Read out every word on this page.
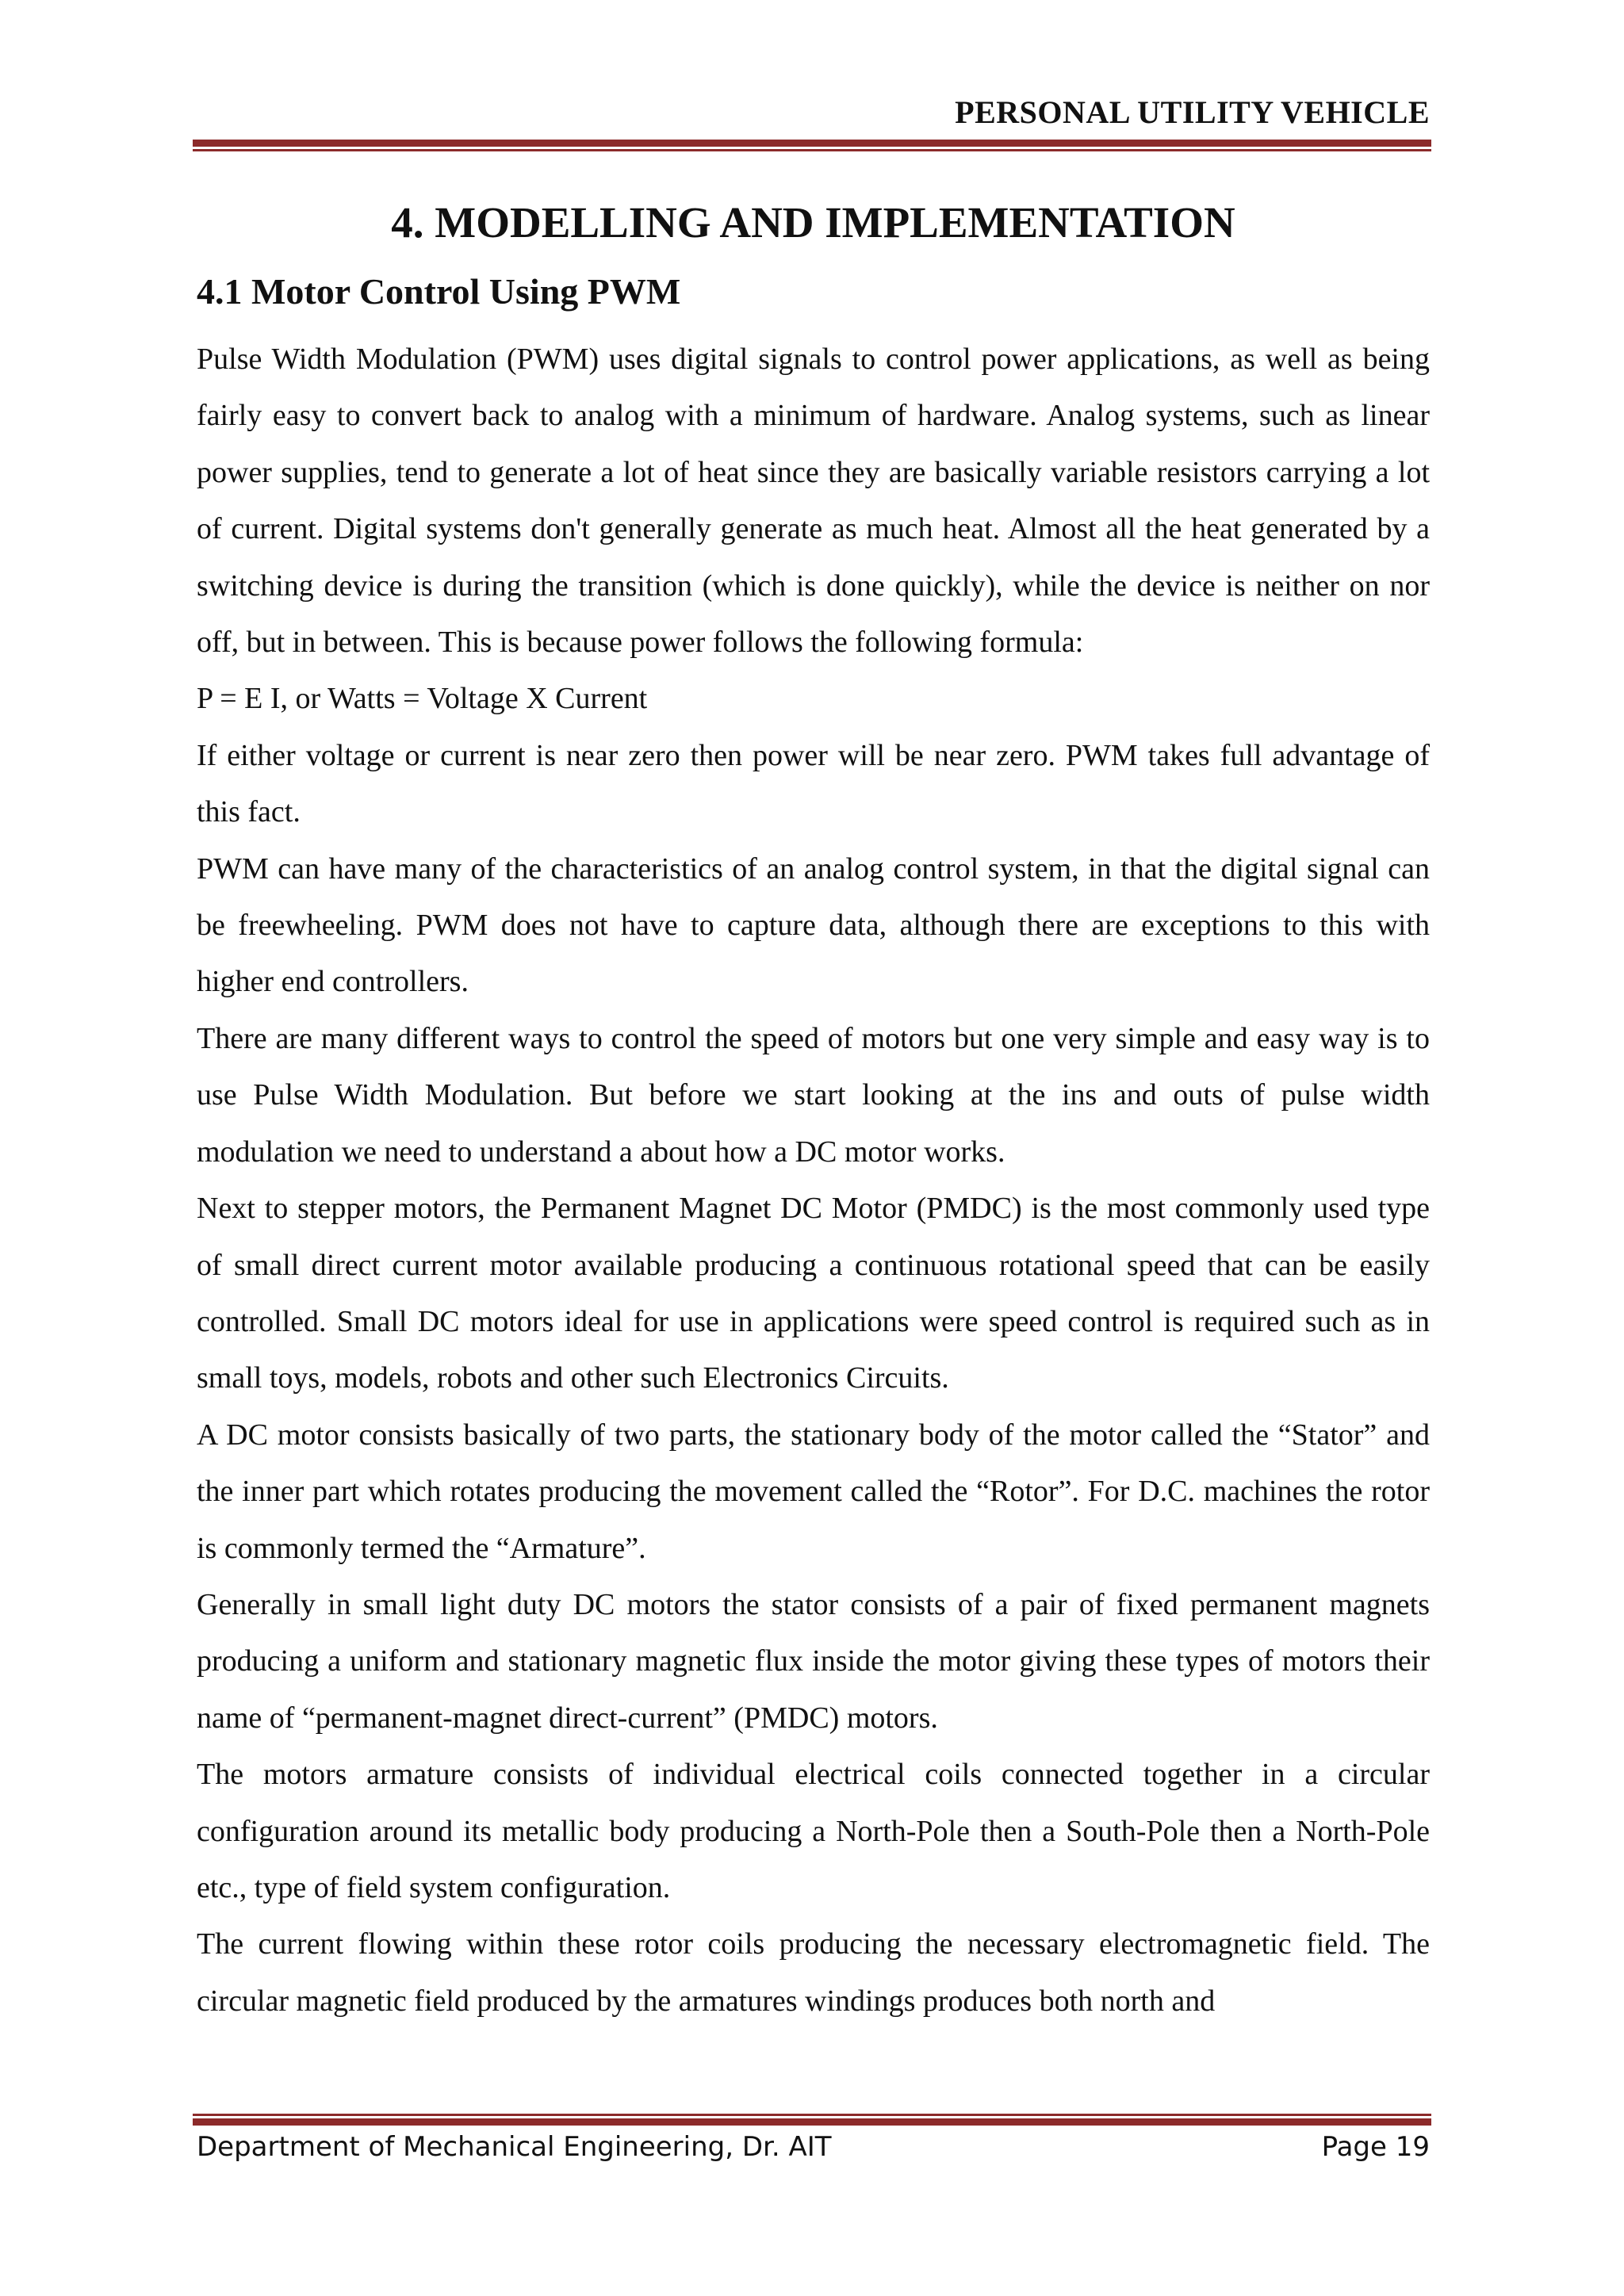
PERSONAL UTILITY VEHICLE
4. MODELLING AND IMPLEMENTATION
4.1 Motor Control Using PWM

Pulse Width Modulation (PWM) uses digital signals to control power applications, as well as being fairly easy to convert back to analog with a minimum of hardware. Analog systems, such as linear power supplies, tend to generate a lot of heat since they are basically variable resistors carrying a lot of current. Digital systems don't generally generate as much heat. Almost all the heat generated by a switching device is during the transition (which is done quickly), while the device is neither on nor off, but in between. This is because power follows the following formula:

P = E I, or Watts = Voltage X Current

If either voltage or current is near zero then power will be near zero. PWM takes full advantage of this fact.

PWM can have many of the characteristics of an analog control system, in that the digital signal can be freewheeling. PWM does not have to capture data, although there are exceptions to this with higher end controllers.

There are many different ways to control the speed of motors but one very simple and easy way is to use Pulse Width Modulation. But before we start looking at the ins and outs of pulse width modulation we need to understand a about how a DC motor works.

Next to stepper motors, the Permanent Magnet DC Motor (PMDC) is the most commonly used type of small direct current motor available producing a continuous rotational speed that can be easily controlled. Small DC motors ideal for use in applications were speed control is required such as in small toys, models, robots and other such Electronics Circuits.

A DC motor consists basically of two parts, the stationary body of the motor called the “Stator” and the inner part which rotates producing the movement called the “Rotor”. For D.C. machines the rotor is commonly termed the “Armature”.

Generally in small light duty DC motors the stator consists of a pair of fixed permanent magnets producing a uniform and stationary magnetic flux inside the motor giving these types of motors their name of “permanent-magnet direct-current” (PMDC) motors.

The motors armature consists of individual electrical coils connected together in a circular configuration around its metallic body producing a North-Pole then a South-Pole then a North-Pole etc., type of field system configuration.

The current flowing within these rotor coils producing the necessary electromagnetic field. The circular magnetic field produced by the armatures windings produces both north and

Department of Mechanical Engineering, Dr. AIT	Page 19
